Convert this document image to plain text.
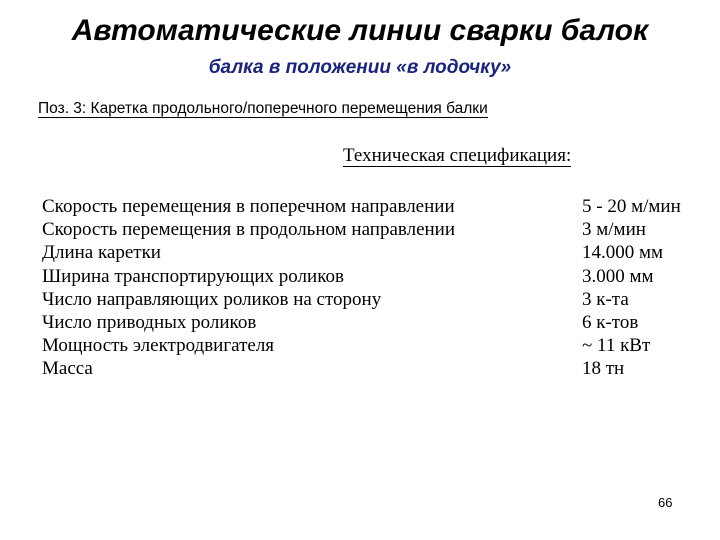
Автоматические линии сварки балок
балка в положении «в лодочку»
Поз. 3: Каретка продольного/поперечного перемещения балки
Техническая спецификация:
Скорость перемещения в поперечном направлении	5 - 20 м/мин
Скорость перемещения в продольном направлении	3 м/мин
Длина каретки	14.000 мм
Ширина транспортирующих роликов	3.000 мм
Число направляющих роликов на сторону	3 к-та
Число приводных роликов	6 к-тов
Мощность электродвигателя	~ 11 кВт
Масса	18 тн
66
